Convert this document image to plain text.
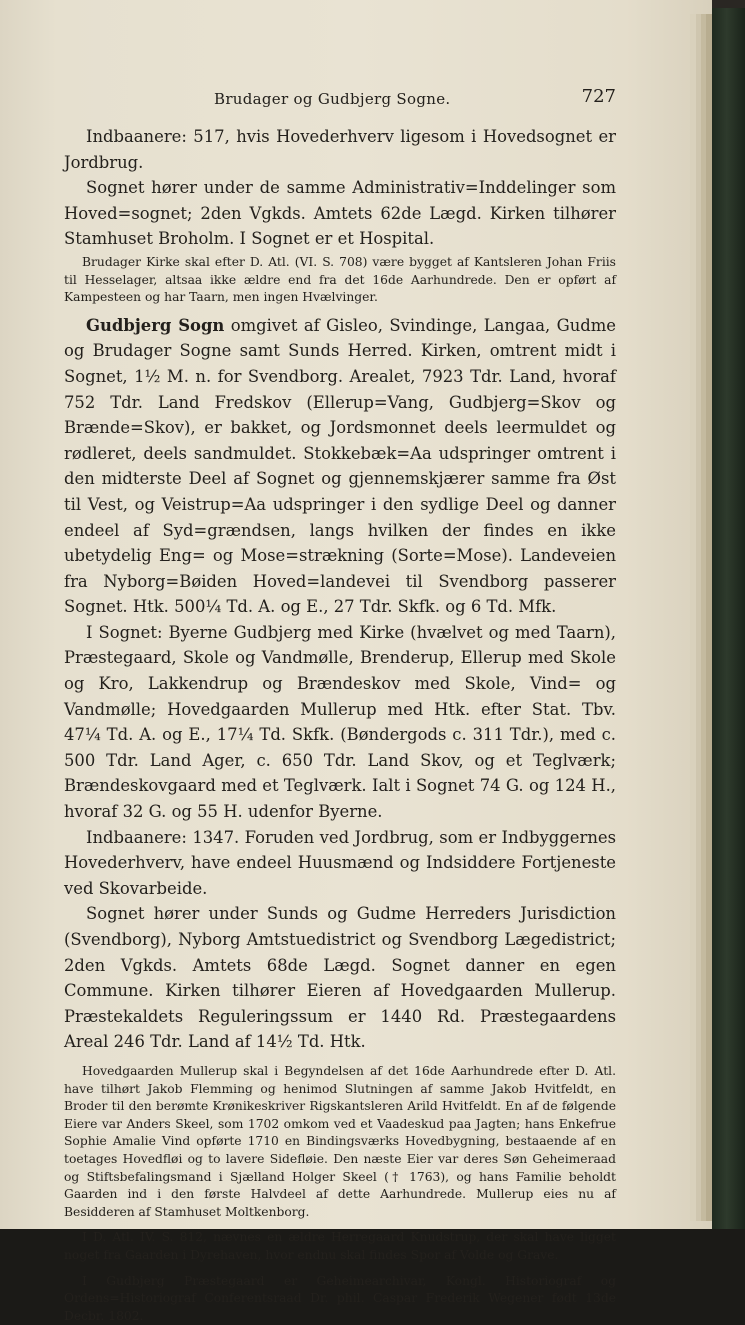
Brudager og Gudbjerg Sogne.	727

Indbaanere: 517, hvis Hovederhverv ligesom i Hovedsognet er Jordbrug.

Sognet hører under de samme Administrativ=Inddelinger som Hoved=sognet; 2den Vgkds. Amtets 62de Lægd. Kirken tilhører Stamhuset Broholm. I Sognet er et Hospital.

Brudager Kirke skal efter D. Atl. (VI. S. 708) være bygget af Kantsleren Johan Friis til Hesselager, altsaa ikke ældre end fra det 16de Aarhundrede. Den er opført af Kampesteen og har Taarn, men ingen Hvælvinger.

Gudbjerg Sogn omgivet af Gisleo, Svindinge, Langaa, Gudme og Brudager Sogne samt Sunds Herred. Kirken, omtrent midt i Sognet, 1½ M. n. for Svendborg. Arealet, 7923 Tdr. Land, hvoraf 752 Tdr. Land Fredskov (Ellerup=Vang, Gudbjerg=Skov og Brænde=Skov), er bakket, og Jordsmonnet deels leermuldet og rødleret, deels sandmuldet. Stokkebæk=Aa udspringer omtrent i den midterste Deel af Sognet og gjennemskjærer samme fra Øst til Vest, og Veistrup=Aa udspringer i den sydlige Deel og danner endeel af Syd=grændsen, langs hvilken der findes en ikke ubetydelig Eng= og Mose=strækning (Sorte=Mose). Landeveien fra Nyborg=Bøiden Hoved=landevei til Svendborg passerer Sognet. Htk. 500¼ Td. A. og E., 27 Tdr. Skfk. og 6 Td. Mfk.

I Sognet: Byerne Gudbjerg med Kirke (hvælvet og med Taarn), Præstegaard, Skole og Vandmølle, Brenderup, Ellerup med Skole og Kro, Lakkendrup og Brændeskov med Skole, Vind= og Vandmølle; Hovedgaarden Mullerup med Htk. efter Stat. Tbv. 47¼ Td. A. og E., 17¼ Td. Skfk. (Bøndergods c. 311 Tdr.), med c. 500 Tdr. Land Ager, c. 650 Tdr. Land Skov, og et Teglværk; Brændeskovgaard med et Teglværk. Ialt i Sognet 74 G. og 124 H., hvoraf 32 G. og 55 H. udenfor Byerne.

Indbaanere: 1347. Foruden ved Jordbrug, som er Indbyggernes Hovederhverv, have endeel Huusmænd og Indsiddere Fortjeneste ved Skovarbeide.

Sognet hører under Sunds og Gudme Herreders Jurisdiction (Svendborg), Nyborg Amtstuedistrict og Svendborg Lægedistrict; 2den Vgkds. Amtets 68de Lægd. Sognet danner en egen Commune. Kirken tilhører Eieren af Hovedgaarden Mullerup. Præstekaldets Reguleringssum er 1440 Rd. Præstegaardens Areal 246 Tdr. Land af 14½ Td. Htk.

Hovedgaarden Mullerup skal i Begyndelsen af det 16de Aarhundrede efter D. Atl. have tilhørt Jakob Flemming og henimod Slutningen af samme Jakob Hvitfeldt, en Broder til den berømte Krønikeskriver Rigskantsleren Arild Hvitfeldt. En af de følgende Eiere var Anders Skeel, som 1702 omkom ved et Vaadeskud paa Jagten; hans Enkefrue Sophie Amalie Vind opførte 1710 en Bindingsværks Hovedbygning, bestaaende af en toetages Hovedfløi og to lavere Sidefløie. Den næste Eier var deres Søn Geheimeraad og Stiftsbefalingsmand i Sjælland Holger Skeel († 1763), og hans Familie beholdt Gaarden ind i den første Halvdeel af dette Aarhundrede. Mullerup eies nu af Besidderen af Stamhuset Moltkenborg.

I D. Atl. IV. S. 812, nævnes en ældre Herregaard Knudstrup, der skal have ligget noget fra Gaarden i Dyrehaven, hvor endnu skal findes Spor af Volde og Grave.

I Gudbjerg Præstegaard er Geheimearchivar, Kongl. Historiograf og Ordens=Historiograf Conferentsraad Dr. phil. Caspar Frederik Wegener født 13de Decbr. 1802.
